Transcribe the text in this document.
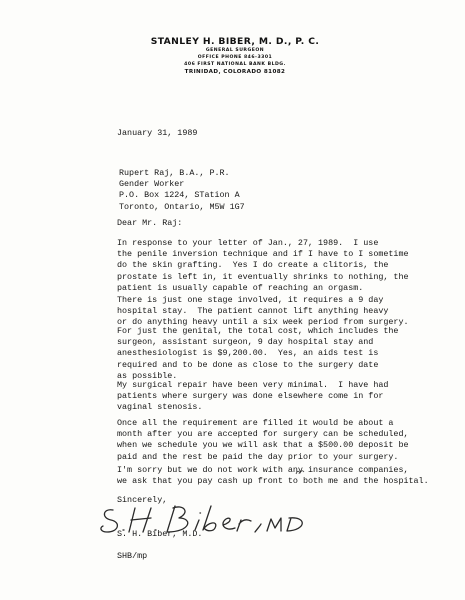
STANLEY H. BIBER, M. D., P. C.
GENERAL SURGEON
OFFICE PHONE 846-3301
406 FIRST NATIONAL BANK BLDG.
TRINIDAD, COLORADO 81082
January 31, 1989
Rupert Raj, B.A., P.R.
Gender Worker
P.O. Box 1224, STation A
Toronto, Ontario, M5W 1G7
Dear Mr. Raj:
In response to your letter of Jan., 27, 1989.  I use
the penile inversion technique and if I have to I sometime
do the skin grafting.  Yes I do create a clitoris, the
prostate is left in, it eventually shrinks to nothing, the
patient is usually capable of reaching an orgasm.
There is just one stage involved, it requires a 9 day
hospital stay.  The patient cannot lift anything heavy
or do anything heavy until a six week period from surgery.
For just the genital, the total cost, which includes the
surgeon, assistant surgeon, 9 day hospital stay and
anesthesiologist is $9,200.00.  Yes, an aids test is
required and to be done as close to the surgery date
as possible.
My surgical repair have been very minimal.  I have had
patients where surgery was done elsewhere come in for
vaginal stenosis.
Once all the requirement are filled it would be about a
month after you are accepted for surgery can be scheduled,
when we schedule you we will ask that a $500.00 deposit be
paid and the rest be paid the day prior to your surgery.
I'm sorry but we do not work with any insurance companies,
we ask that you pay cash up front to both me and the hospital.
Sincerely,
S. H. Biber, M.D.
SHB/mp
